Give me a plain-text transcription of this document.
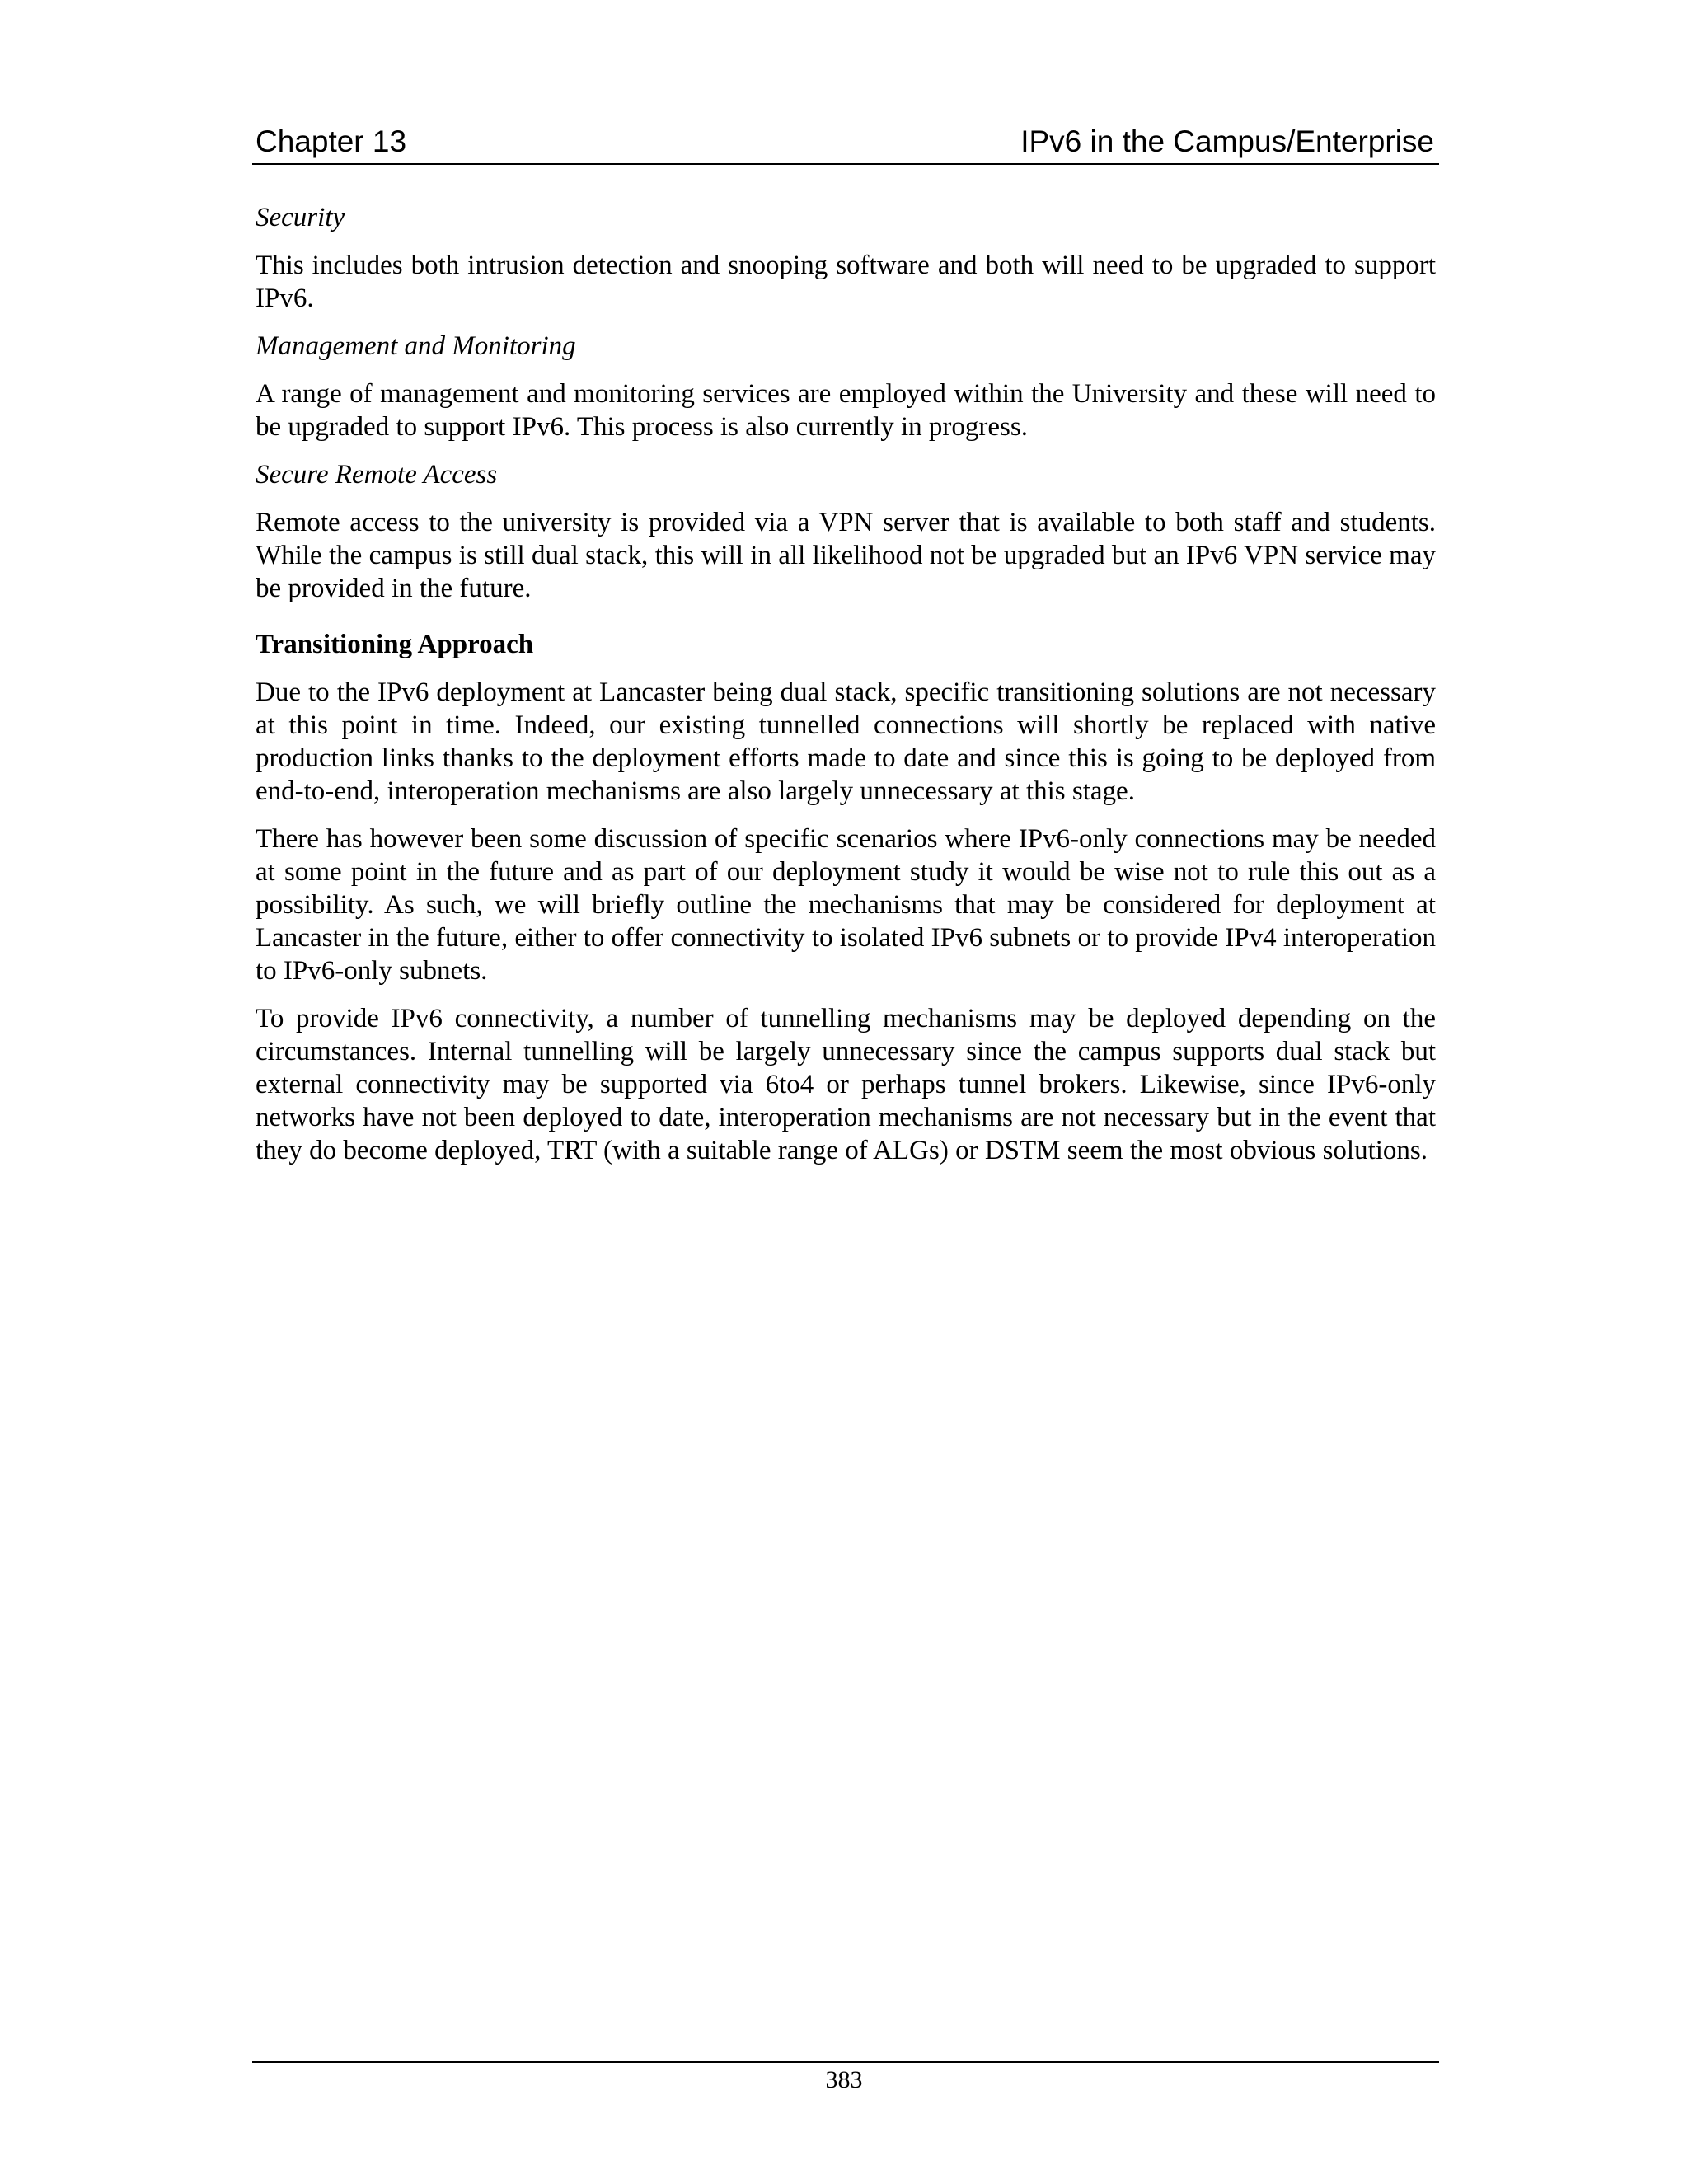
Chapter 13	IPv6 in the Campus/Enterprise

Security

This includes both intrusion detection and snooping software and both will need to be upgraded to support IPv6.

Management and Monitoring

A range of management and monitoring services are employed within the University and these will need to be upgraded to support IPv6. This process is also currently in progress.

Secure Remote Access

Remote access to the university is provided via a VPN server that is available to both staff and students. While the campus is still dual stack, this will in all likelihood not be upgraded but an IPv6 VPN service may be provided in the future.

Transitioning Approach

Due to the IPv6 deployment at Lancaster being dual stack, specific transitioning solutions are not necessary at this point in time. Indeed, our existing tunnelled connections will shortly be replaced with native production links thanks to the deployment efforts made to date and since this is going to be deployed from end-to-end, interoperation mechanisms are also largely unnecessary at this stage.

There has however been some discussion of specific scenarios where IPv6-only connections may be needed at some point in the future and as part of our deployment study it would be wise not to rule this out as a possibility. As such, we will briefly outline the mechanisms that may be considered for deployment at Lancaster in the future, either to offer connectivity to isolated IPv6 subnets or to provide IPv4 interoperation to IPv6-only subnets.

To provide IPv6 connectivity, a number of tunnelling mechanisms may be deployed depending on the circumstances. Internal tunnelling will be largely unnecessary since the campus supports dual stack but external connectivity may be supported via 6to4 or perhaps tunnel brokers. Likewise, since IPv6-only networks have not been deployed to date, interoperation mechanisms are not necessary but in the event that they do become deployed, TRT (with a suitable range of ALGs) or DSTM seem the most obvious solutions.

383
